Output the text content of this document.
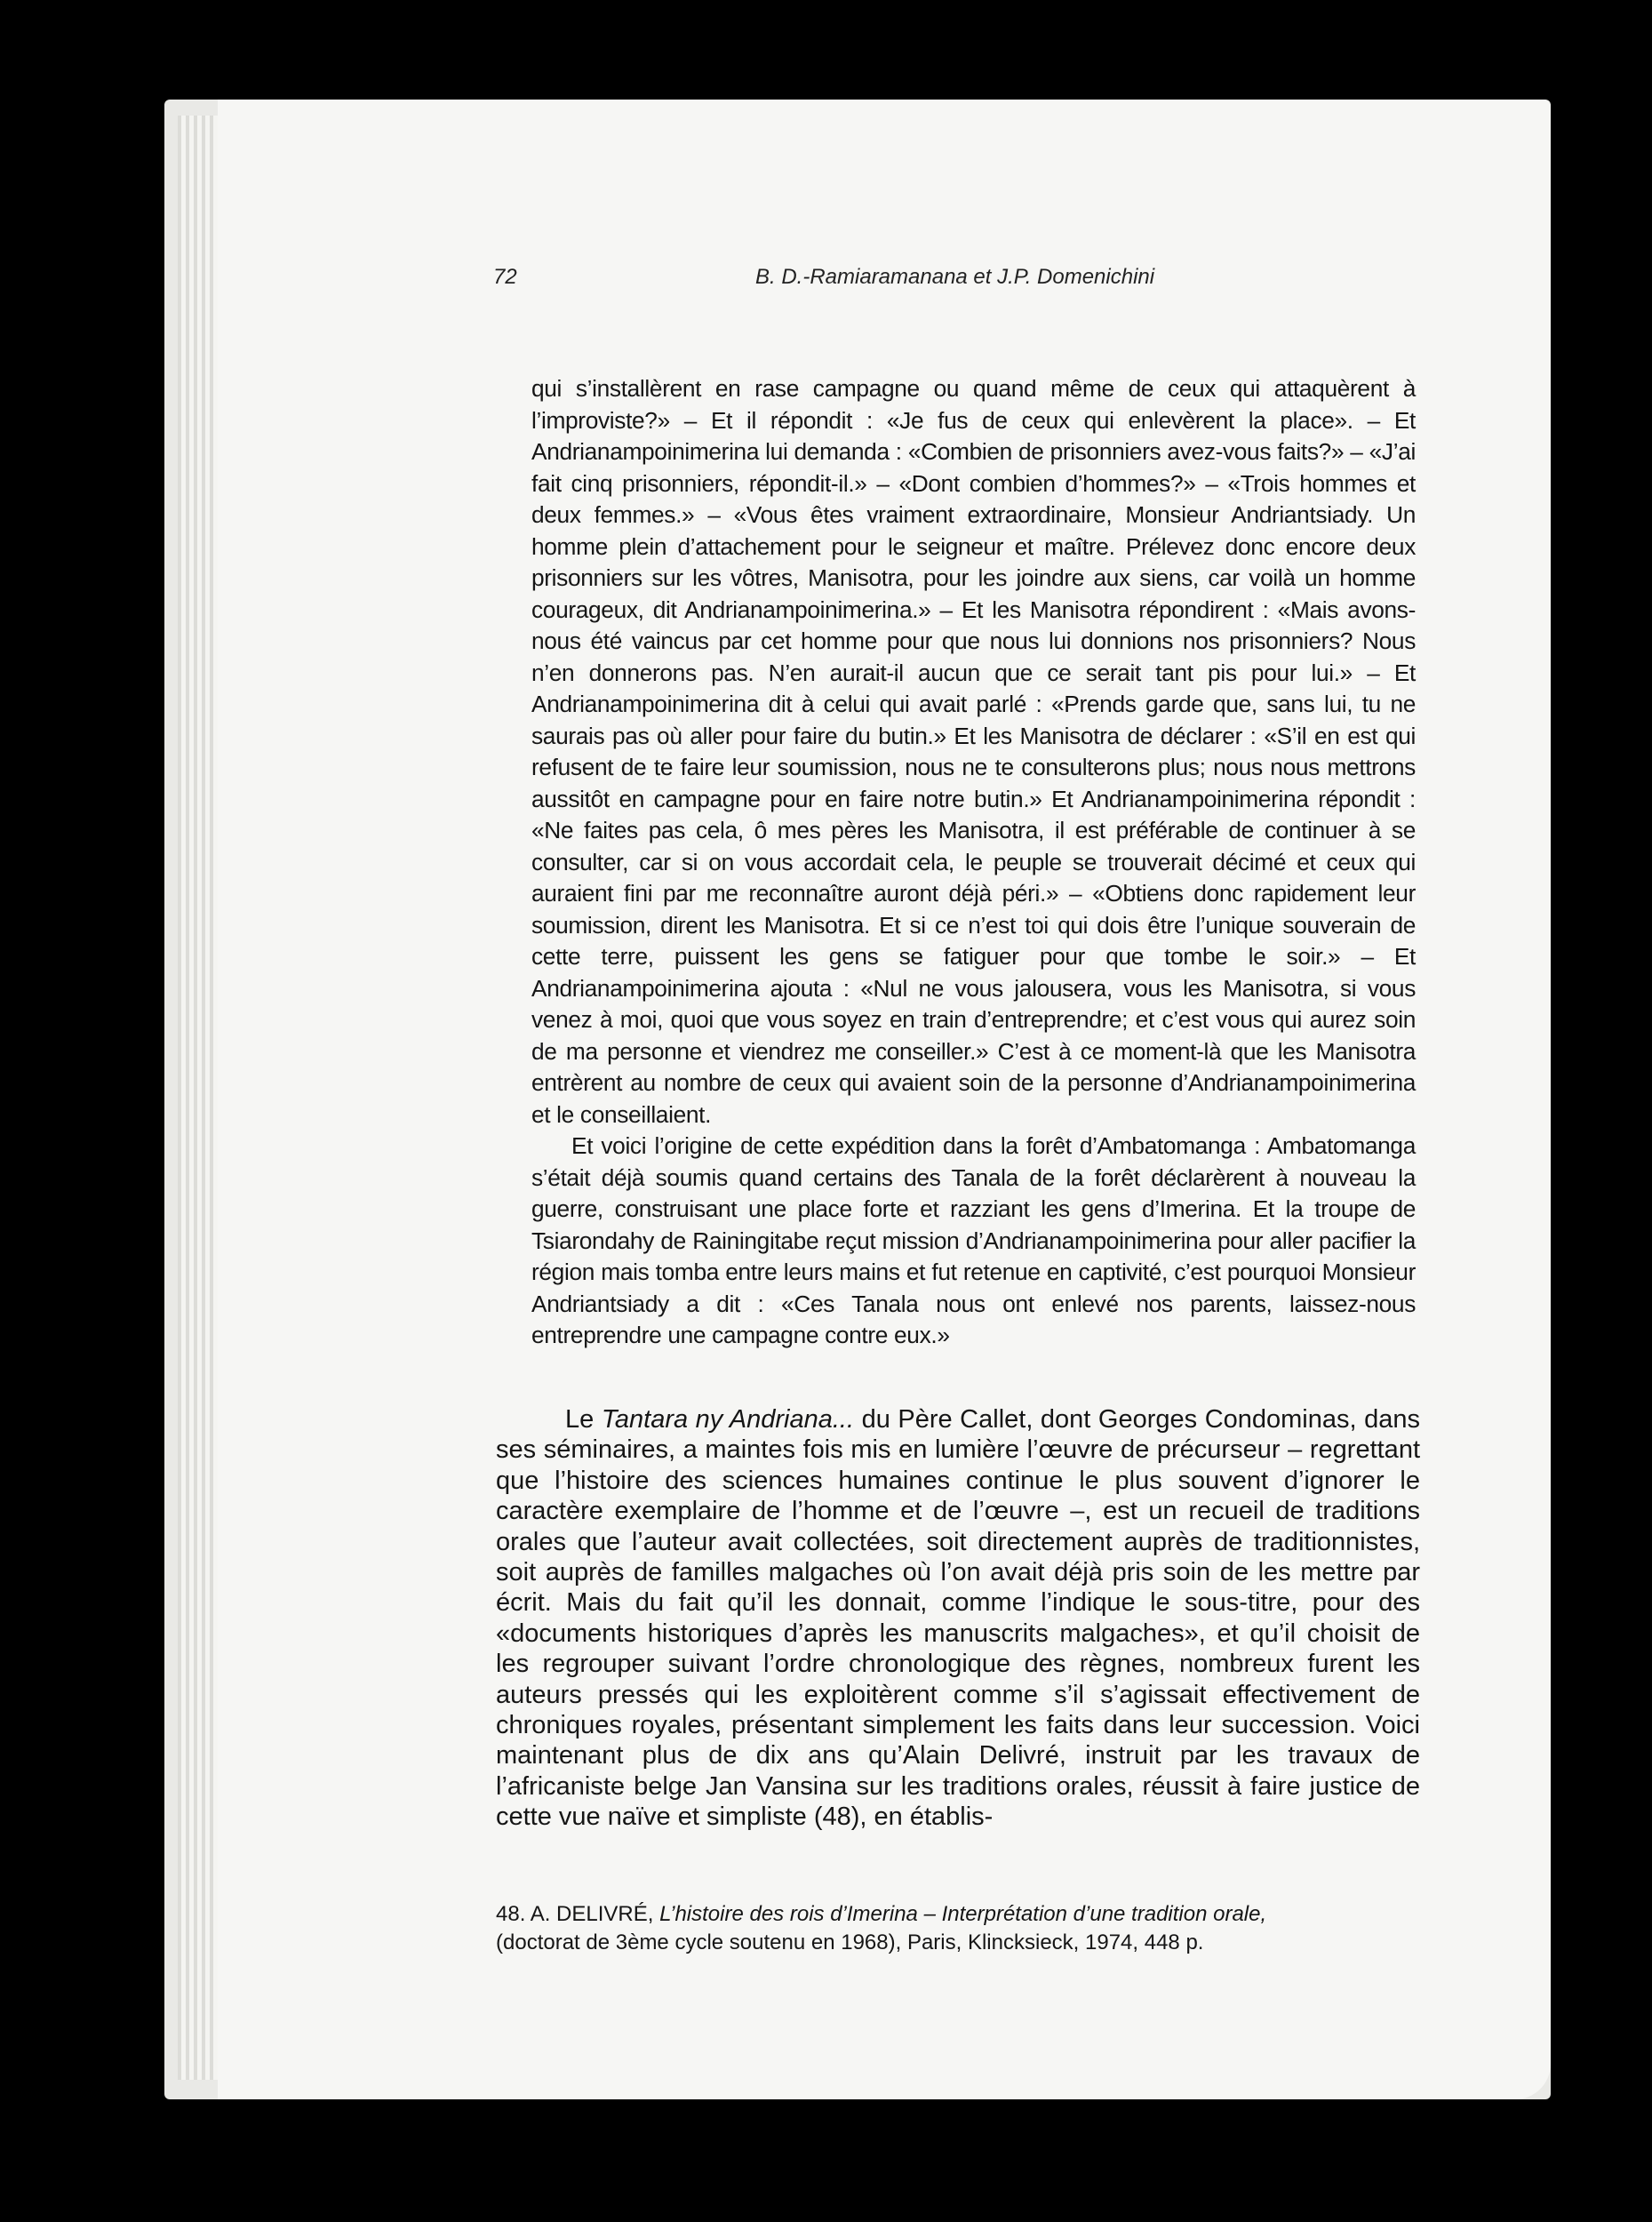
72	B. D.-Ramiaramanana et J.P. Domenichini

qui s’installèrent en rase campagne ou quand même de ceux qui attaquèrent à l’improviste?» – Et il répondit : «Je fus de ceux qui enlevèrent la place». – Et Andrianampoinimerina lui demanda : «Combien de prisonniers avez-vous faits?» – «J’ai fait cinq prisonniers, répondit-il.» – «Dont combien d’hommes?» – «Trois hommes et deux femmes.» – «Vous êtes vraiment extraordinaire, Monsieur Andriantsiady. Un homme plein d’attachement pour le seigneur et maître. Prélevez donc encore deux prisonniers sur les vôtres, Manisotra, pour les joindre aux siens, car voilà un homme courageux, dit Andrianampoinimerina.» – Et les Manisotra répondirent : «Mais avons-nous été vaincus par cet homme pour que nous lui donnions nos prisonniers? Nous n’en donnerons pas. N’en aurait-il aucun que ce serait tant pis pour lui.» – Et Andrianampoinimerina dit à celui qui avait parlé : «Prends garde que, sans lui, tu ne saurais pas où aller pour faire du butin.» Et les Manisotra de déclarer : «S’il en est qui refusent de te faire leur soumission, nous ne te consulterons plus; nous nous mettrons aussitôt en campagne pour en faire notre butin.» Et Andrianampoinimerina répondit : «Ne faites pas cela, ô mes pères les Manisotra, il est préférable de continuer à se consulter, car si on vous accordait cela, le peuple se trouverait décimé et ceux qui auraient fini par me reconnaître auront déjà péri.» – «Obtiens donc rapidement leur soumission, dirent les Manisotra. Et si ce n’est toi qui dois être l’unique souverain de cette terre, puissent les gens se fatiguer pour que tombe le soir.» – Et Andrianampoinimerina ajouta : «Nul ne vous jalousera, vous les Manisotra, si vous venez à moi, quoi que vous soyez en train d’entreprendre; et c’est vous qui aurez soin de ma personne et viendrez me conseiller.» C’est à ce moment-là que les Manisotra entrèrent au nombre de ceux qui avaient soin de la personne d’Andrianampoinimerina et le conseillaient.

Et voici l’origine de cette expédition dans la forêt d’Ambatomanga : Ambatomanga s’était déjà soumis quand certains des Tanala de la forêt déclarèrent à nouveau la guerre, construisant une place forte et razziant les gens d’Imerina. Et la troupe de Tsiarondahy de Rainingitabe reçut mission d’Andrianampoinimerina pour aller pacifier la région mais tomba entre leurs mains et fut retenue en captivité, c’est pourquoi Monsieur Andriantsiady a dit : «Ces Tanala nous ont enlevé nos parents, laissez-nous entreprendre une campagne contre eux.»

Le Tantara ny Andriana... du Père Callet, dont Georges Condominas, dans ses séminaires, a maintes fois mis en lumière l’œuvre de précurseur – regrettant que l’histoire des sciences humaines continue le plus souvent d’ignorer le caractère exemplaire de l’homme et de l’œuvre –, est un recueil de traditions orales que l’auteur avait collectées, soit directement auprès de traditionnistes, soit auprès de familles malgaches où l’on avait déjà pris soin de les mettre par écrit. Mais du fait qu’il les donnait, comme l’indique le sous-titre, pour des «documents historiques d’après les manuscrits malgaches», et qu’il choisit de les regrouper suivant l’ordre chronologique des règnes, nombreux furent les auteurs pressés qui les exploitèrent comme s’il s’agissait effectivement de chroniques royales, présentant simplement les faits dans leur succession. Voici maintenant plus de dix ans qu’Alain Delivré, instruit par les travaux de l’africaniste belge Jan Vansina sur les traditions orales, réussit à faire justice de cette vue naïve et simpliste (48), en établis-

48. A. DELIVRÉ, L’histoire des rois d’Imerina – Interprétation d’une tradition orale,
(doctorat de 3ème cycle soutenu en 1968), Paris, Klincksieck, 1974, 448 p.
